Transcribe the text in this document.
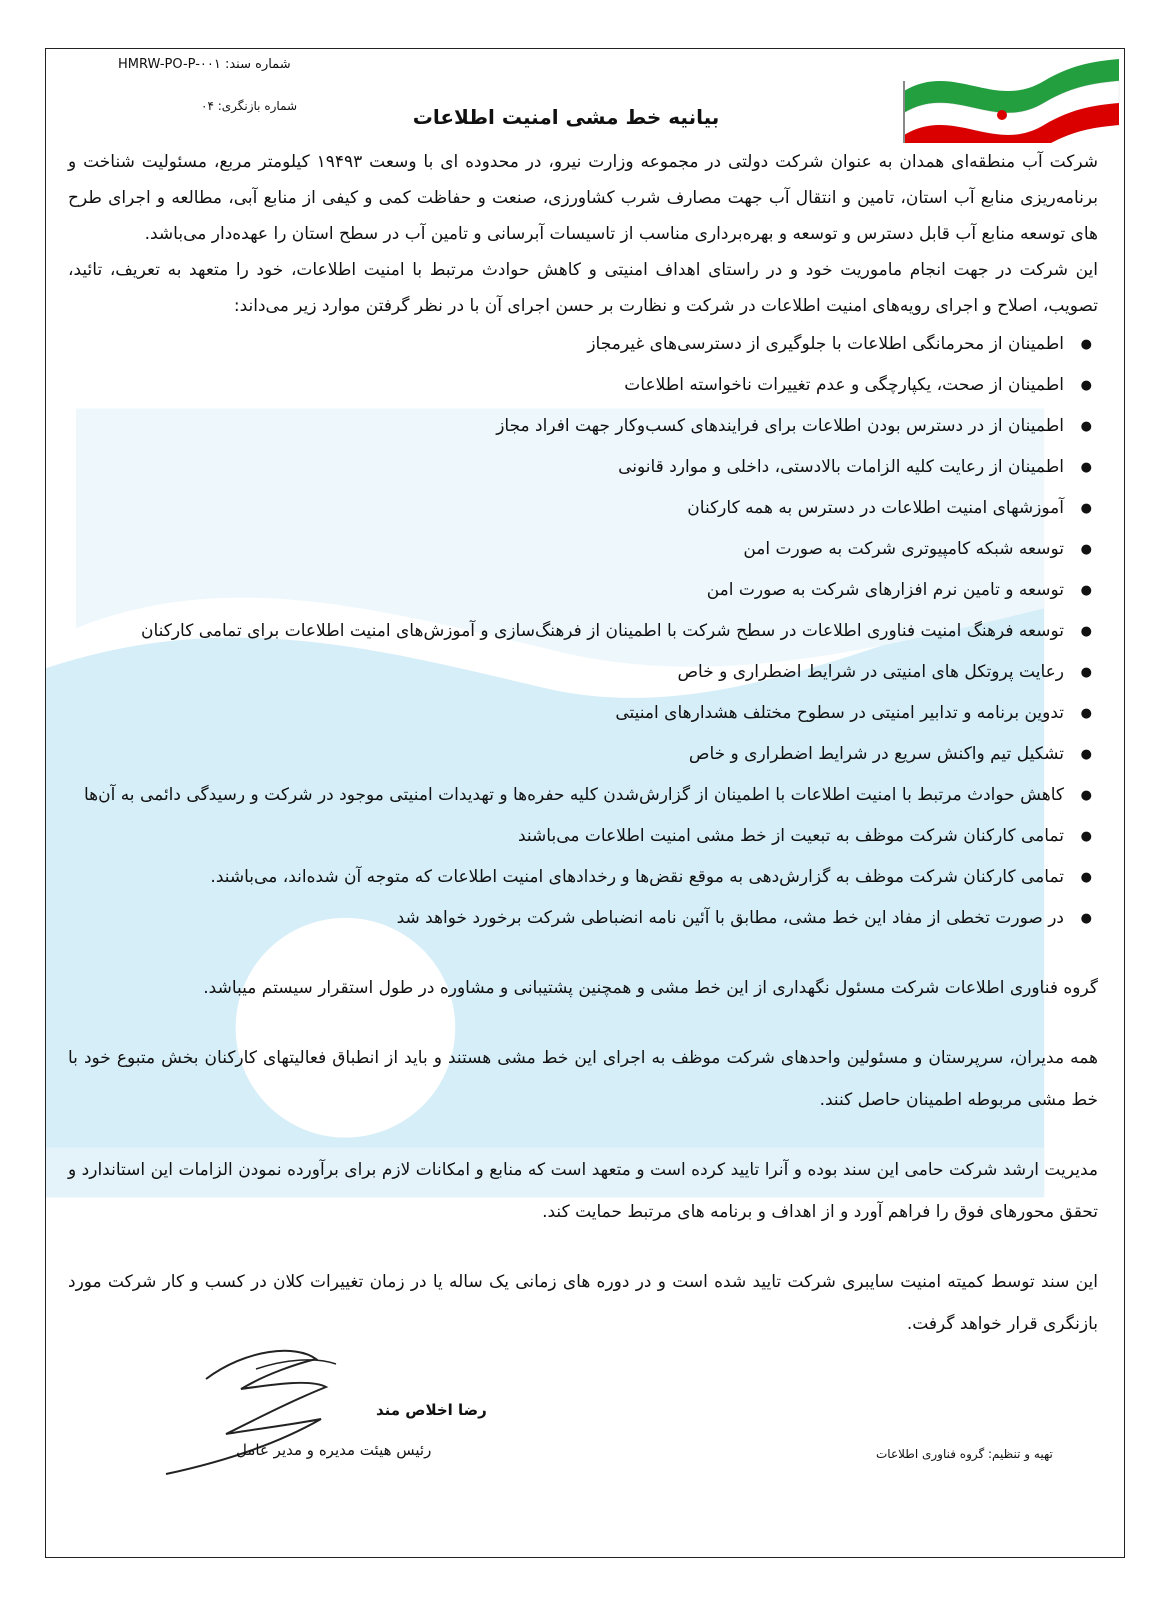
شماره سند: HMRW-PO-P-۰۰۱
شماره بازنگری: ۰۴	بیانیه خط مشی امنیت اطلاعات

شرکت آب منطقه‌ای همدان به عنوان شرکت دولتی در مجموعه وزارت نیرو، در محدوده ای با وسعت ۱۹۴۹۳ کیلومتر مربع، مسئولیت شناخت و برنامه‌ریزی منابع آب استان، تامین و انتقال آب جهت مصارف شرب کشاورزی، صنعت و حفاظت کمی و کیفی از منابع آبی، مطالعه و اجرای طرح های توسعه منابع آب قابل دسترس و توسعه و بهره‌برداری مناسب از تاسیسات آبرسانی و تامین آب در سطح استان را عهده‌دار می‌باشد.

این شرکت در جهت انجام ماموریت خود و در راستای اهداف امنیتی و کاهش حوادث مرتبط با امنیت اطلاعات، خود را متعهد به تعریف، تائید، تصویب، اصلاح و اجرای رویه‌های امنیت اطلاعات در شرکت و نظارت بر حسن اجرای آن با در نظر گرفتن موارد زیر می‌داند:

● اطمینان از محرمانگی اطلاعات با جلوگیری از دسترسی‌های غیرمجاز
● اطمینان از صحت، یکپارچگی و عدم تغییرات ناخواسته اطلاعات
● اطمینان از در دسترس بودن اطلاعات برای فرایندهای کسب‌وکار جهت افراد مجاز
● اطمینان از رعایت کلیه الزامات بالادستی، داخلی و موارد قانونی
● آموزشهای امنیت اطلاعات در دسترس به همه کارکنان
● توسعه شبکه کامپیوتری شرکت به صورت امن
● توسعه و تامین نرم افزارهای شرکت به صورت امن
● توسعه فرهنگ امنیت فناوری اطلاعات در سطح شرکت با اطمینان از فرهنگ‌سازی و آموزش‌های امنیت اطلاعات برای تمامی کارکنان
● رعایت پروتکل های امنیتی در شرایط اضطراری و خاص
● تدوین برنامه و تدابیر امنیتی در سطوح مختلف هشدارهای امنیتی
● تشکیل تیم واکنش سریع در شرایط اضطراری و خاص
● کاهش حوادث مرتبط با امنیت اطلاعات با اطمینان از گزارش‌شدن کلیه حفره‌ها و تهدیدات امنیتی موجود در شرکت و رسیدگی دائمی به آن‌ها
● تمامی کارکنان شرکت موظف به تبعیت از خط مشی امنیت اطلاعات می‌باشند
● تمامی کارکنان شرکت موظف به گزارش‌دهی به موقع نقض‌ها و رخدادهای امنیت اطلاعات که متوجه آن شده‌اند، می‌باشند.
● در صورت تخطی از مفاد این خط مشی، مطابق با آئین نامه انضباطی شرکت برخورد خواهد شد

گروه فناوری اطلاعات شرکت مسئول نگهداری از این خط مشی و همچنین پشتیبانی و مشاوره در طول استقرار سیستم میباشد.

همه مدیران، سرپرستان و مسئولین واحدهای شرکت موظف به اجرای این خط مشی هستند و باید از انطباق فعالیتهای کارکنان بخش متبوع خود با خط مشی مربوطه اطمینان حاصل کنند.

مدیریت ارشد شرکت حامی این سند بوده و آنرا تایید کرده است و متعهد است که منابع و امکانات لازم برای برآورده نمودن الزامات این استاندارد و تحقق محورهای فوق را فراهم آورد و از اهداف و برنامه های مرتبط حمایت کند.

این سند توسط کمیته امنیت سایبری شرکت تایید شده است و در دوره های زمانی یک ساله یا در زمان تغییرات کلان در کسب و کار شرکت مورد بازنگری قرار خواهد گرفت.

رضا اخلاص مند
رئیس هیئت مدیره و مدیر عامل	تهیه و تنظیم: گروه فناوری اطلاعات
